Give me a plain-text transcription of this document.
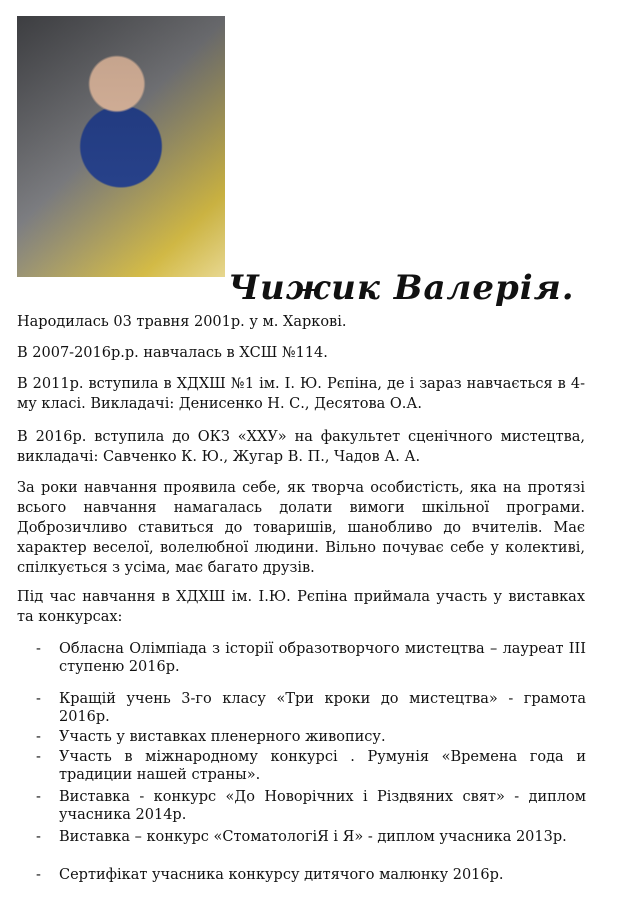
Чижик Валерія.

Народилась 03 травня 2001р. у м. Харкові.

В 2007-2016р.р. навчалась в ХСШ №114.

В 2011р. вступила в ХДХШ №1 ім. І. Ю. Рєпіна, де і зараз навчається в 4-му класі. Викладачі: Денисенко Н. С., Десятова О.А.

В 2016р. вступила до ОКЗ «ХХУ» на факультет сценічного мистецтва, викладачі: Савченко К. Ю., Жугар В. П., Чадов А. А.

За роки навчання проявила себе, як творча особистість, яка на протязі всього навчання намагалась долати вимоги шкільної програми. Доброзичливо ставиться до товаришів, шанобливо до вчителів. Має характер веселої, волелюбної людини. Вільно почуває себе у колективі, спілкується з усіма, має багато друзів.

Під час навчання в ХДХШ ім. І.Ю. Рєпіна приймала участь у виставках та конкурсах:

-	Обласна Олімпіада з історії образотворчого мистецтва – лауреат ІІІ ступеню 2016р.
-	Кращій учень 3-го класу «Три кроки до мистецтва» - грамота 2016р.
-	Участь у виставках пленерного живопису.
-	Участь в міжнародному конкурсі . Румунія «Времена года и традиции нашей страны».
-	Виставка - конкурс «До Новорічних і Різдвяних свят» - диплом учасника 2014р.
-	Виставка – конкурс «СтоматологіЯ і Я» - диплом учасника 2013р.
-	Сертифікат учасника конкурсу дитячого малюнку 2016р.
